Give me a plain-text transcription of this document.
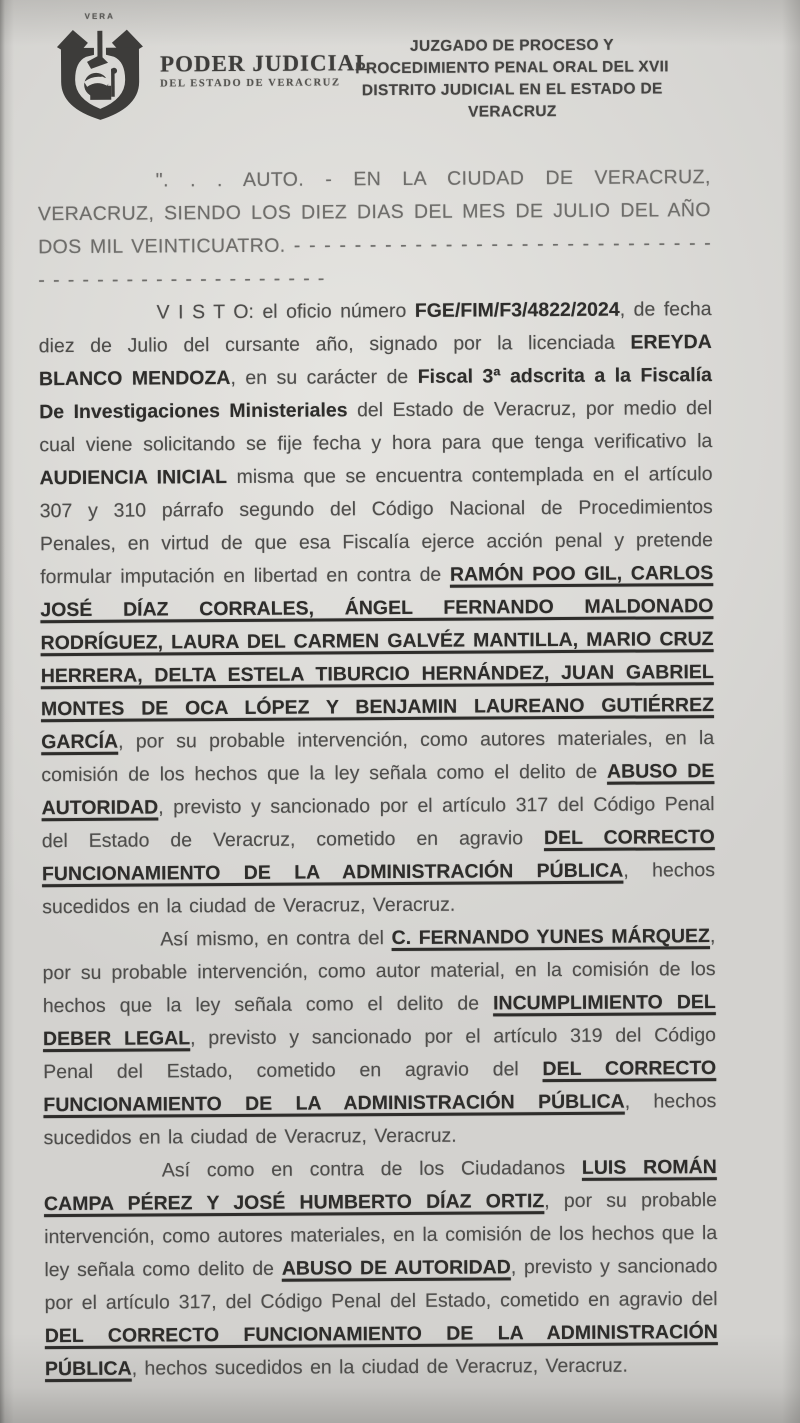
VERA
PODER JUDICIAL
DEL ESTADO DE VERACRUZ
JUZGADO DE PROCESO Y
PROCEDIMIENTO PENAL ORAL DEL XVII
DISTRITO JUDICIAL EN EL ESTADO DE
VERACRUZ

". . . AUTO. - EN LA CIUDAD DE VERACRUZ, VERACRUZ, SIENDO LOS DIEZ DIAS DEL MES DE JULIO DEL AÑO DOS MIL VEINTICUATRO. - - - - - - - - - - - - - - - - - - - - - - - - - - - - - - - - - - - - - - - - - - - - - - - -

V I S T O: el oficio número FGE/FIM/F3/4822/2024, de fecha diez de Julio del cursante año, signado por la licenciada EREYDA BLANCO MENDOZA, en su carácter de Fiscal 3ª adscrita a la Fiscalía De Investigaciones Ministeriales del Estado de Veracruz, por medio del cual viene solicitando se fije fecha y hora para que tenga verificativo la AUDIENCIA INICIAL misma que se encuentra contemplada en el artículo 307 y 310 párrafo segundo del Código Nacional de Procedimientos Penales, en virtud de que esa Fiscalía ejerce acción penal y pretende formular imputación en libertad en contra de RAMÓN POO GIL, CARLOS JOSÉ DÍAZ CORRALES, ÁNGEL FERNANDO MALDONADO RODRÍGUEZ, LAURA DEL CARMEN GALVÉZ MANTILLA, MARIO CRUZ HERRERA, DELTA ESTELA TIBURCIO HERNÁNDEZ, JUAN GABRIEL MONTES DE OCA LÓPEZ Y BENJAMIN LAUREANO GUTIÉRREZ GARCÍA, por su probable intervención, como autores materiales, en la comisión de los hechos que la ley señala como el delito de ABUSO DE AUTORIDAD, previsto y sancionado por el artículo 317 del Código Penal del Estado de Veracruz, cometido en agravio DEL CORRECTO FUNCIONAMIENTO DE LA ADMINISTRACIÓN PÚBLICA, hechos sucedidos en la ciudad de Veracruz, Veracruz.

Así mismo, en contra del C. FERNANDO YUNES MÁRQUEZ, por su probable intervención, como autor material, en la comisión de los hechos que la ley señala como el delito de INCUMPLIMIENTO DEL DEBER LEGAL, previsto y sancionado por el artículo 319 del Código Penal del Estado, cometido en agravio del DEL CORRECTO FUNCIONAMIENTO DE LA ADMINISTRACIÓN PÚBLICA, hechos sucedidos en la ciudad de Veracruz, Veracruz.

Así como en contra de los Ciudadanos LUIS ROMÁN CAMPA PÉREZ Y JOSÉ HUMBERTO DÍAZ ORTIZ, por su probable intervención, como autores materiales, en la comisión de los hechos que la ley señala como delito de ABUSO DE AUTORIDAD, previsto y sancionado por el artículo 317, del Código Penal del Estado, cometido en agravio del DEL CORRECTO FUNCIONAMIENTO DE LA ADMINISTRACIÓN PÚBLICA, hechos sucedidos en la ciudad de Veracruz, Veracruz.
